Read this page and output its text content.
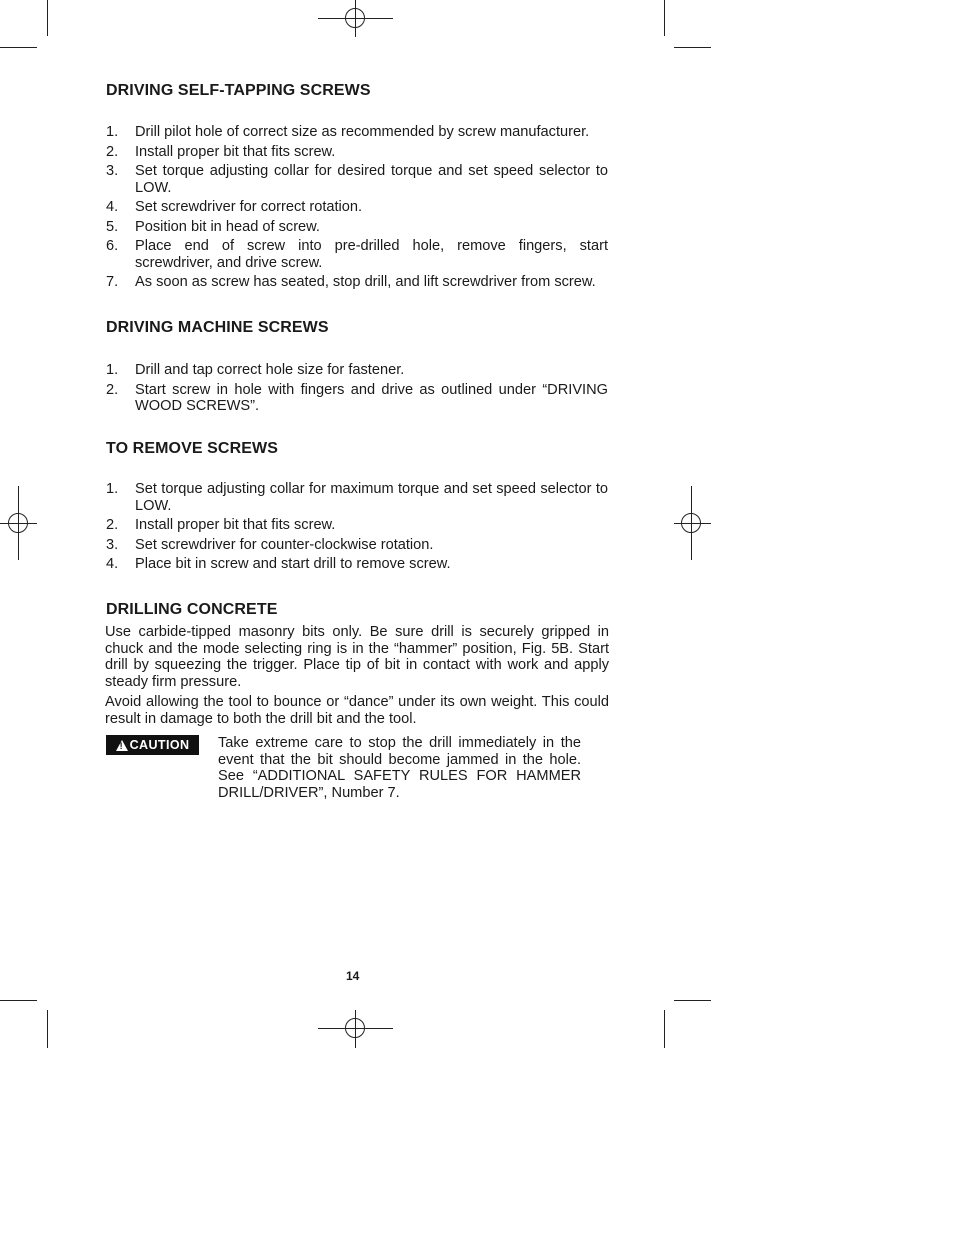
DRIVING SELF-TAPPING SCREWS
1. Drill pilot hole of correct size as recommended by screw manufacturer.
2. Install proper bit that fits screw.
3. Set torque adjusting collar for desired torque and set speed selector to LOW.
4. Set screwdriver for correct rotation.
5. Position bit in head of screw.
6. Place end of screw into pre-drilled hole, remove fingers, start screwdriver, and drive screw.
7. As soon as screw has seated, stop drill, and lift screwdriver from screw.
DRIVING MACHINE SCREWS
1. Drill and tap correct hole size for fastener.
2. Start screw in hole with fingers and drive as outlined under “DRIVING WOOD SCREWS”.
TO REMOVE SCREWS
1. Set torque adjusting collar for maximum torque and set speed selector to LOW.
2. Install proper bit that fits screw.
3. Set screwdriver for counter-clockwise rotation.
4. Place bit in screw and start drill to remove screw.
DRILLING CONCRETE

Use carbide-tipped masonry bits only. Be sure drill is securely gripped in chuck and the mode selecting ring is in the “hammer” position, Fig. 5B. Start drill by squeezing the trigger. Place tip of bit in contact with work and apply steady firm pressure.

Avoid allowing the tool to bounce or “dance” under its own weight. This could result in damage to both the drill bit and the tool.

!
CAUTION Take extreme care to stop the drill immediately in the event that the bit should become jammed in the hole. See “ADDITIONAL SAFETY RULES FOR HAMMER DRILL/DRIVER”, Number 7.

14
